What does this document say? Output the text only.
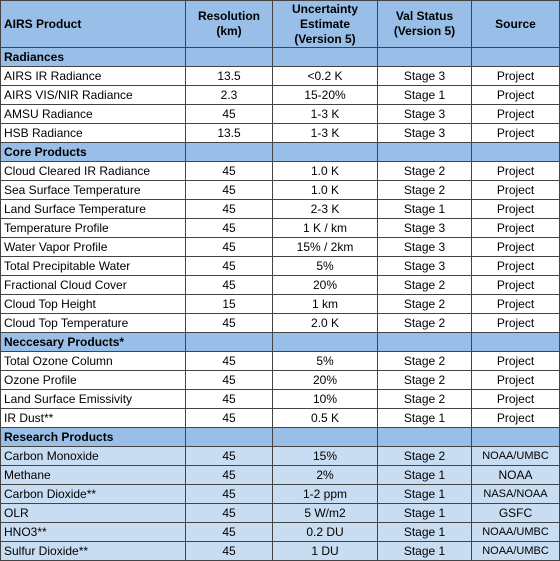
AIRS Product	Resolution (km)	Uncertainty Estimate (Version 5)	Val Status (Version 5)	Source
Radiances				
AIRS IR Radiance	13.5	<0.2 K	Stage 3	Project
AIRS VIS/NIR Radiance	2.3	15-20%	Stage 1	Project
AMSU Radiance	45	1-3 K	Stage 3	Project
HSB Radiance	13.5	1-3 K	Stage 3	Project
Core Products				
Cloud Cleared IR Radiance	45	1.0 K	Stage 2	Project
Sea Surface Temperature	45	1.0 K	Stage 2	Project
Land Surface Temperature	45	2-3 K	Stage 1	Project
Temperature Profile	45	1 K / km	Stage 3	Project
Water Vapor Profile	45	15% / 2km	Stage 3	Project
Total Precipitable Water	45	5%	Stage 3	Project
Fractional Cloud Cover	45	20%	Stage 2	Project
Cloud Top Height	15	1 km	Stage 2	Project
Cloud Top Temperature	45	2.0 K	Stage 2	Project
Neccesary Products*				
Total Ozone Column	45	5%	Stage 2	Project
Ozone Profile	45	20%	Stage 2	Project
Land Surface Emissivity	45	10%	Stage 2	Project
IR Dust**	45	0.5 K	Stage 1	Project
Research Products				
Carbon Monoxide	45	15%	Stage 2	NOAA/UMBC
Methane	45	2%	Stage 1	NOAA
Carbon Dioxide**	45	1-2 ppm	Stage 1	NASA/NOAA
OLR	45	5 W/m2	Stage 1	GSFC
HNO3**	45	0.2 DU	Stage 1	NOAA/UMBC
Sulfur Dioxide**	45	1 DU	Stage 1	NOAA/UMBC
